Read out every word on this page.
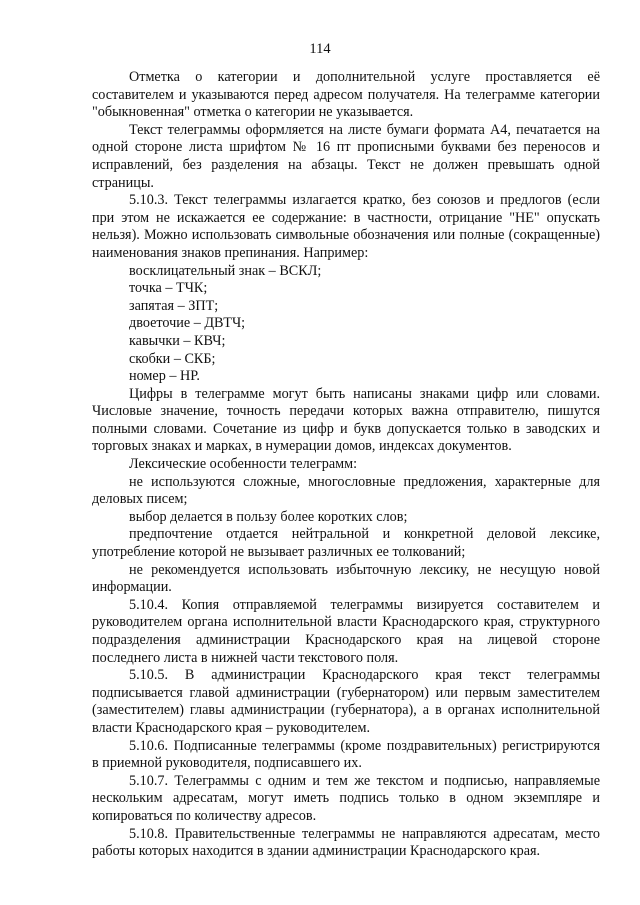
114

Отметка о категории и дополнительной услуге проставляется её составителем и указываются перед адресом получателя. На телеграмме категории "обыкновенная" отметка о категории не указывается.

Текст телеграммы оформляется на листе бумаги формата А4, печатается на одной стороне листа шрифтом № 16 пт прописными буквами без переносов и исправлений, без разделения на абзацы. Текст не должен превышать одной страницы.

5.10.3. Текст телеграммы излагается кратко, без союзов и предлогов (если при этом не искажается ее содержание: в частности, отрицание "НЕ" опускать нельзя). Можно использовать символьные обозначения или полные (сокращенные) наименования знаков препинания. Например:

восклицательный знак – ВСКЛ;

точка – ТЧК;

запятая – ЗПТ;

двоеточие – ДВТЧ;

кавычки – КВЧ;

скобки – СКБ;

номер – НР.

Цифры в телеграмме могут быть написаны знаками цифр или словами. Числовые значение, точность передачи которых важна отправителю, пишутся полными словами. Сочетание из цифр и букв допускается только в заводских и торговых знаках и марках, в нумерации домов, индексах документов.

Лексические особенности телеграмм:

не используются сложные, многословные предложения, характерные для деловых писем;

выбор делается в пользу более коротких слов;

предпочтение отдается нейтральной и конкретной деловой лексике, употребление которой не вызывает различных ее толкований;

не рекомендуется использовать избыточную лексику, не несущую новой информации.

5.10.4. Копия отправляемой телеграммы визируется составителем и руководителем органа исполнительной власти Краснодарского края, структурного подразделения администрации Краснодарского края на лицевой стороне последнего листа в нижней части текстового поля.

5.10.5. В администрации Краснодарского края текст телеграммы подписывается главой администрации (губернатором) или первым заместителем (заместителем) главы администрации (губернатора), а в органах исполнительной власти Краснодарского края – руководителем.

5.10.6. Подписанные телеграммы (кроме поздравительных) регистрируются в приемной руководителя, подписавшего их.

5.10.7. Телеграммы с одним и тем же текстом и подписью, направляемые нескольким адресатам, могут иметь подпись только в одном экземпляре и копироваться по количеству адресов.

5.10.8. Правительственные телеграммы не направляются адресатам, место работы которых находится в здании администрации Краснодарского края.
